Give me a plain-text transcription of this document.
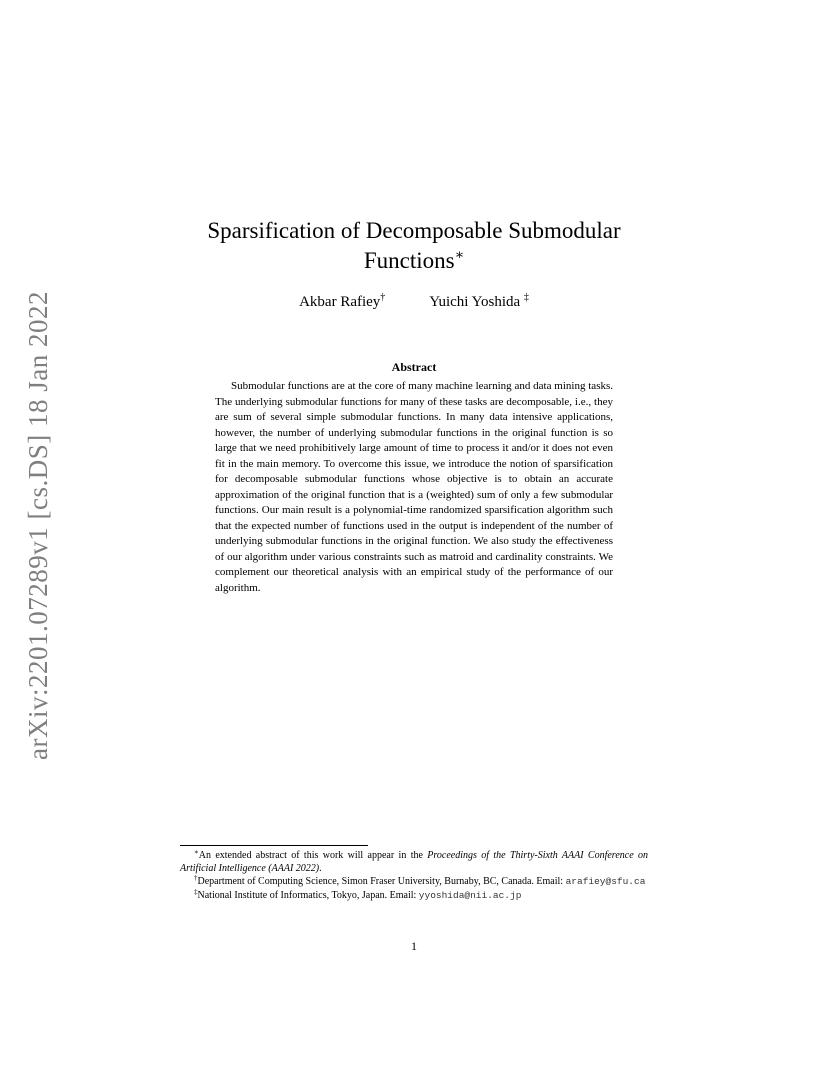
arXiv:2201.07289v1 [cs.DS] 18 Jan 2022
Sparsification of Decomposable Submodular
Functions∗
Akbar Rafiey†	Yuichi Yoshida ‡
Abstract

Submodular functions are at the core of many machine learning and data mining tasks. The underlying submodular functions for many of these tasks are decomposable, i.e., they are sum of several simple submodular functions. In many data intensive applications, however, the number of underlying submodular functions in the original function is so large that we need prohibitively large amount of time to process it and/or it does not even fit in the main memory. To overcome this issue, we introduce the notion of sparsification for decomposable submodular functions whose objective is to obtain an accurate approximation of the original function that is a (weighted) sum of only a few submodular functions. Our main result is a polynomial-time randomized sparsification algorithm such that the expected number of functions used in the output is independent of the number of underlying submodular functions in the original function. We also study the effectiveness of our algorithm under various constraints such as matroid and cardinality constraints. We complement our theoretical analysis with an empirical study of the performance of our algorithm.

∗An extended abstract of this work will appear in the Proceedings of the Thirty-Sixth AAAI Conference on Artificial Intelligence (AAAI 2022).

†Department of Computing Science, Simon Fraser University, Burnaby, BC, Canada. Email: arafiey@sfu.ca

‡National Institute of Informatics, Tokyo, Japan. Email: yyoshida@nii.ac.jp

1
